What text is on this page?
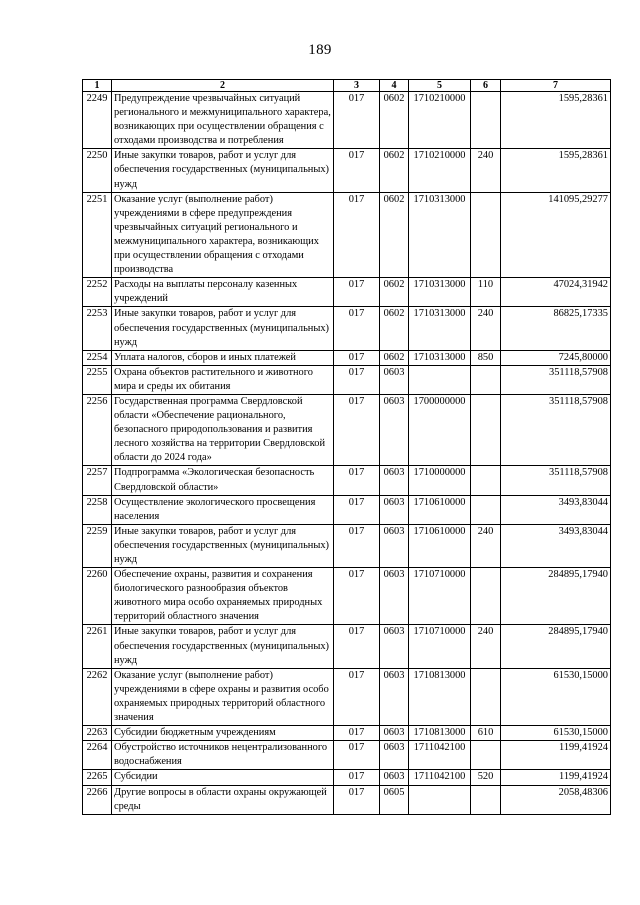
189
1	2	3	4	5	6	7
2249	Предупреждение чрезвычайных ситуаций регионального и межмуниципального характера, возникающих при осуществлении обращения с отходами производства и потребления	017	0602	1710210000		1595,28361
2250	Иные закупки товаров, работ и услуг для обеспечения государственных (муниципальных) нужд	017	0602	1710210000	240	1595,28361
2251	Оказание услуг (выполнение работ) учреждениями в сфере предупреждения чрезвычайных ситуаций регионального и межмуниципального характера, возникающих при осуществлении обращения с отходами производства	017	0602	1710313000		141095,29277
2252	Расходы на выплаты персоналу казенных учреждений	017	0602	1710313000	110	47024,31942
2253	Иные закупки товаров, работ и услуг для обеспечения государственных (муниципальных) нужд	017	0602	1710313000	240	86825,17335
2254	Уплата налогов, сборов и иных платежей	017	0602	1710313000	850	7245,80000
2255	Охрана объектов растительного и животного мира и среды их обитания	017	0603			351118,57908
2256	Государственная программа Свердловской области «Обеспечение рационального, безопасного природопользования и развития лесного хозяйства на территории Свердловской области до 2024 года»	017	0603	1700000000		351118,57908
2257	Подпрограмма «Экологическая безопасность Свердловской области»	017	0603	1710000000		351118,57908
2258	Осуществление экологического просвещения населения	017	0603	1710610000		3493,83044
2259	Иные закупки товаров, работ и услуг для обеспечения государственных (муниципальных) нужд	017	0603	1710610000	240	3493,83044
2260	Обеспечение охраны, развития и сохранения биологического разнообразия объектов животного мира особо охраняемых природных территорий областного значения	017	0603	1710710000		284895,17940
2261	Иные закупки товаров, работ и услуг для обеспечения государственных (муниципальных) нужд	017	0603	1710710000	240	284895,17940
2262	Оказание услуг (выполнение работ) учреждениями в сфере охраны и развития особо охраняемых природных территорий областного значения	017	0603	1710813000		61530,15000
2263	Субсидии бюджетным учреждениям	017	0603	1710813000	610	61530,15000
2264	Обустройство источников нецентрализованного водоснабжения	017	0603	1711042100		1199,41924
2265	Субсидии	017	0603	1711042100	520	1199,41924
2266	Другие вопросы в области охраны окружающей среды	017	0605			2058,48306
